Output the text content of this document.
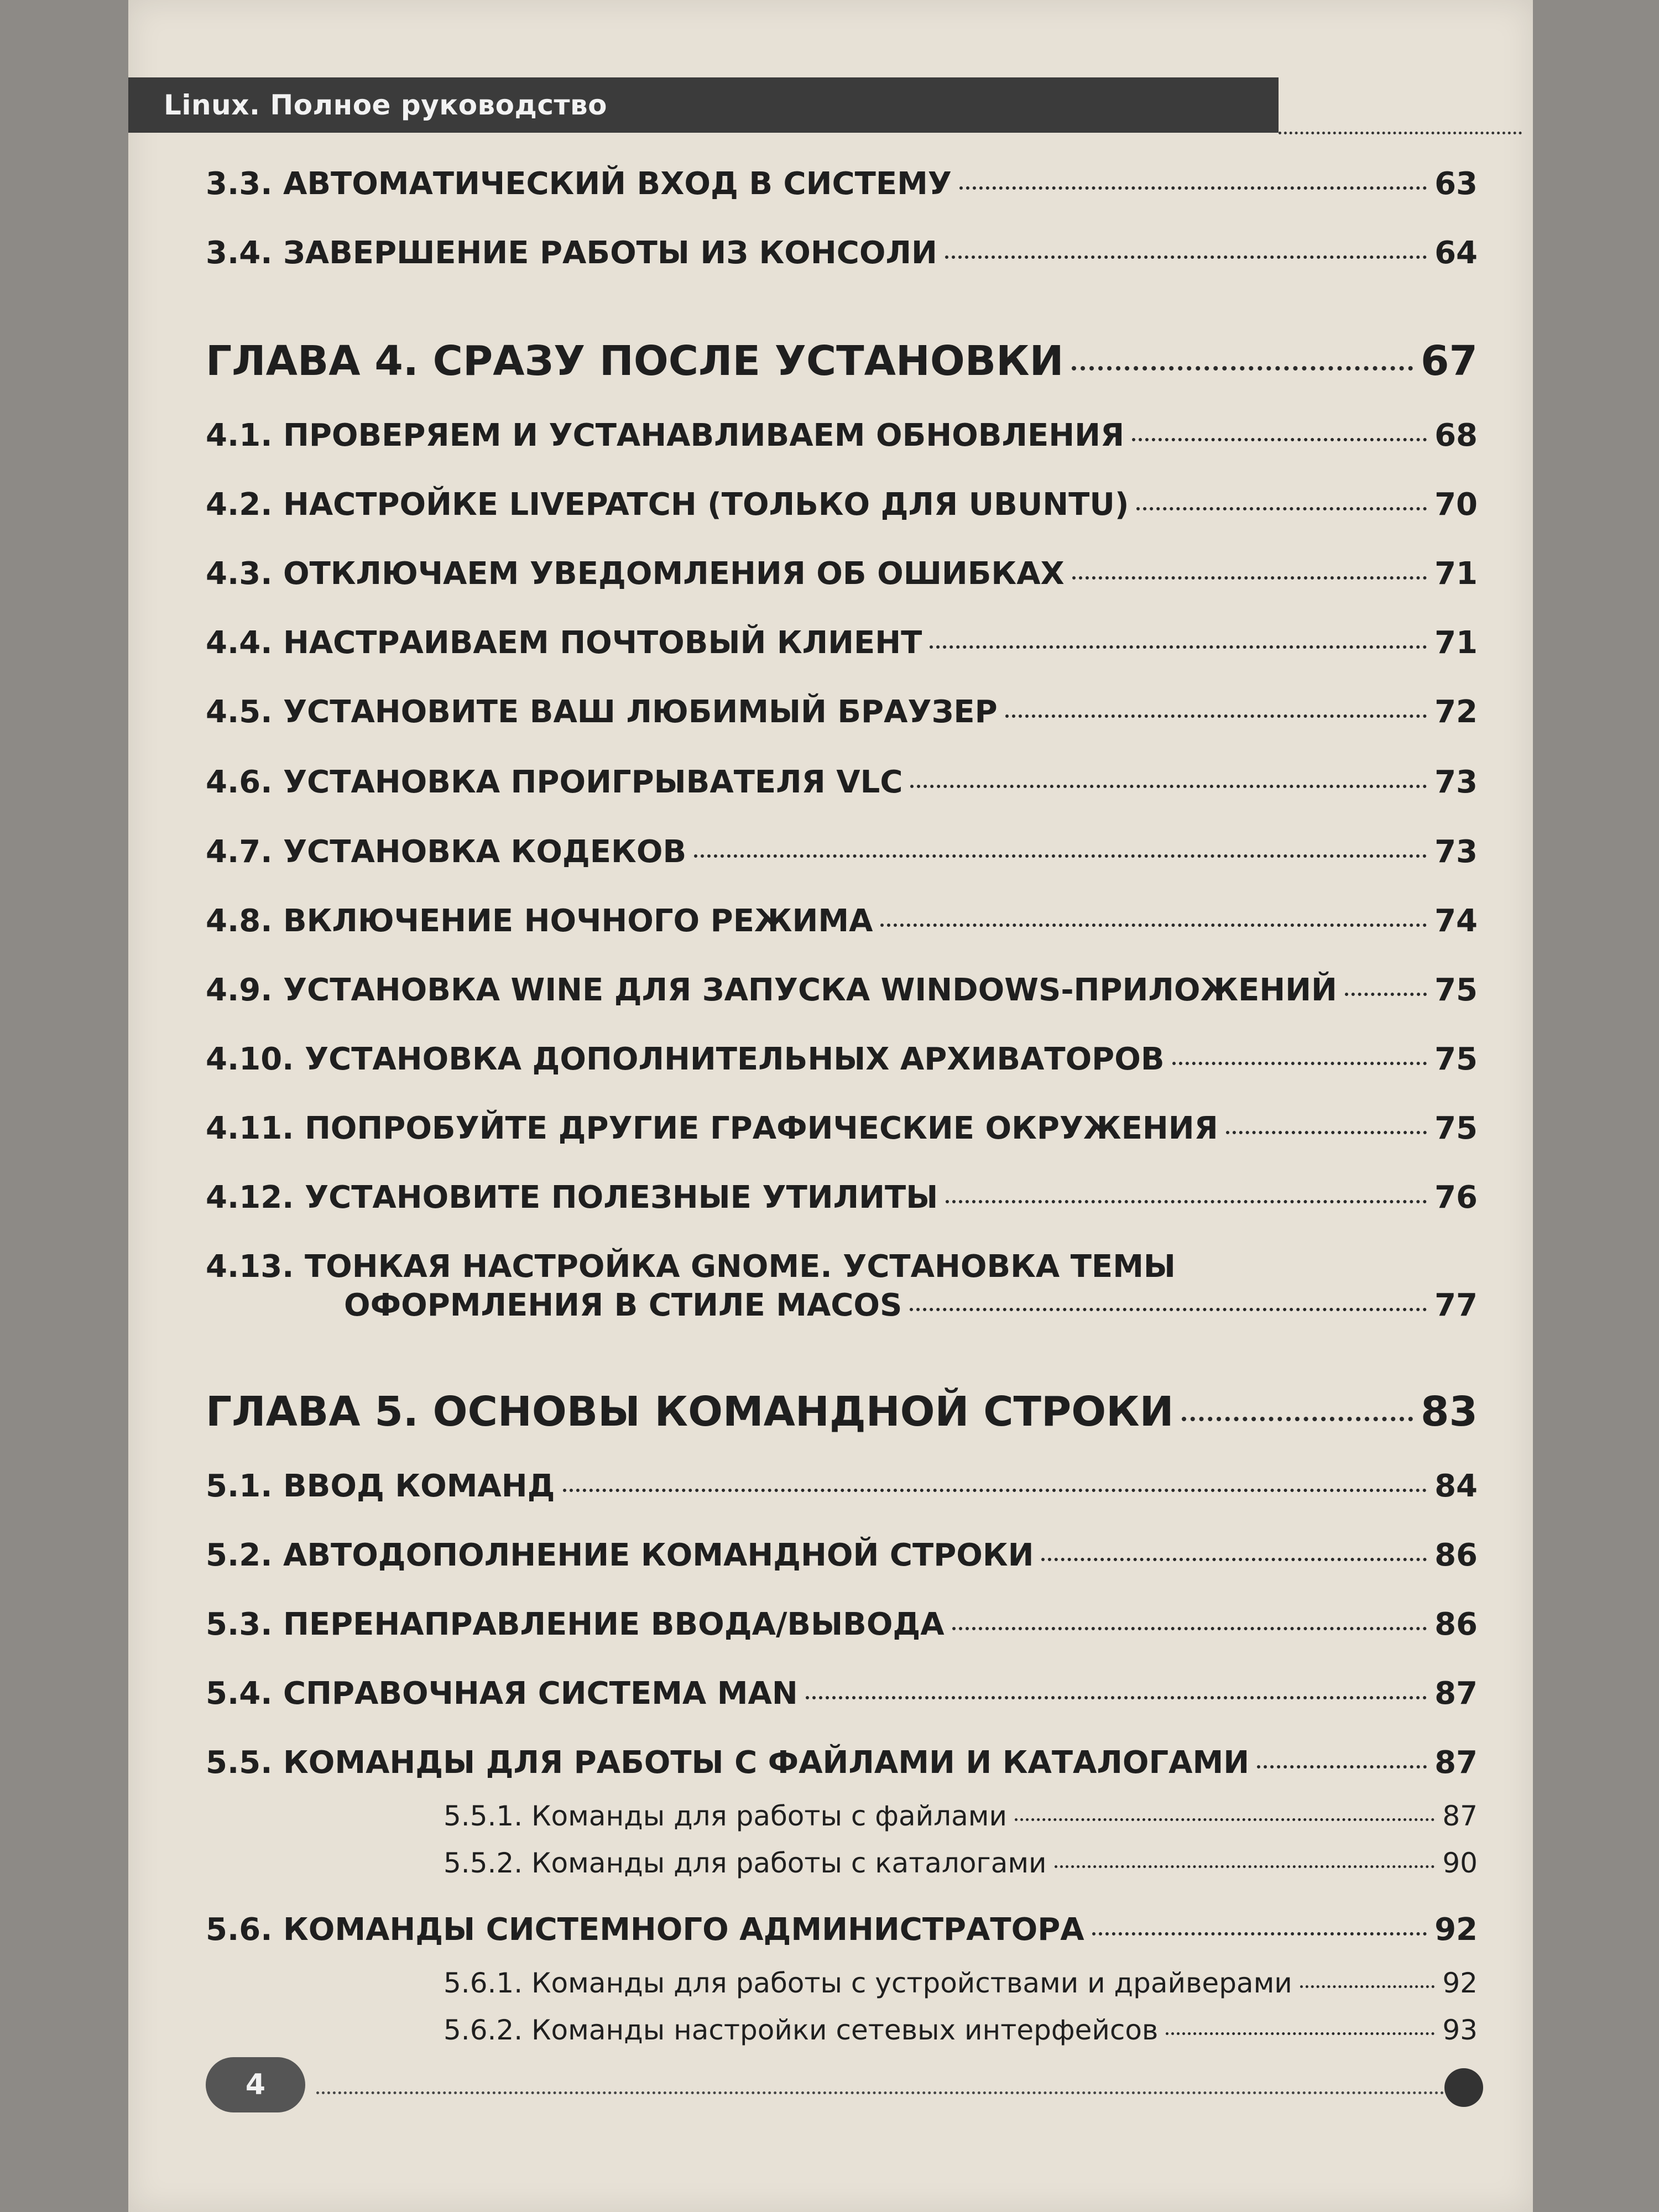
Linux. Полное руководство
3.3. АВТОМАТИЧЕСКИЙ ВХОД В СИСТЕМУ	63
3.4. ЗАВЕРШЕНИЕ РАБОТЫ ИЗ КОНСОЛИ	64
ГЛАВА 4. СРАЗУ ПОСЛЕ УСТАНОВКИ	67
4.1. ПРОВЕРЯЕМ И УСТАНАВЛИВАЕМ ОБНОВЛЕНИЯ	68
4.2. НАСТРОЙКЕ LIVEPATCH (ТОЛЬКО ДЛЯ UBUNTU)	70
4.3. ОТКЛЮЧАЕМ УВЕДОМЛЕНИЯ ОБ ОШИБКАХ	71
4.4. НАСТРАИВАЕМ ПОЧТОВЫЙ КЛИЕНТ	71
4.5. УСТАНОВИТЕ ВАШ ЛЮБИМЫЙ БРАУЗЕР	72
4.6. УСТАНОВКА ПРОИГРЫВАТЕЛЯ VLC	73
4.7. УСТАНОВКА КОДЕКОВ	73
4.8. ВКЛЮЧЕНИЕ НОЧНОГО РЕЖИМА	74
4.9. УСТАНОВКА WINE ДЛЯ ЗАПУСКА WINDOWS-ПРИЛОЖЕНИЙ	75
4.10. УСТАНОВКА ДОПОЛНИТЕЛЬНЫХ АРХИВАТОРОВ	75
4.11. ПОПРОБУЙТЕ ДРУГИЕ ГРАФИЧЕСКИЕ ОКРУЖЕНИЯ	75
4.12. УСТАНОВИТЕ ПОЛЕЗНЫЕ УТИЛИТЫ	76
4.13. ТОНКАЯ НАСТРОЙКА GNOME. УСТАНОВКА ТЕМЫ
ОФОРМЛЕНИЯ В СТИЛЕ MACOS	77
ГЛАВА 5. ОСНОВЫ КОМАНДНОЙ СТРОКИ	83
5.1. ВВОД КОМАНД	84
5.2. АВТОДОПОЛНЕНИЕ КОМАНДНОЙ СТРОКИ	86
5.3. ПЕРЕНАПРАВЛЕНИЕ ВВОДА/ВЫВОДА	86
5.4. СПРАВОЧНАЯ СИСТЕМА MAN	87
5.5. КОМАНДЫ ДЛЯ РАБОТЫ С ФАЙЛАМИ И КАТАЛОГАМИ	87
5.5.1. Команды для работы с файлами	87
5.5.2. Команды для работы с каталогами	90
5.6. КОМАНДЫ СИСТЕМНОГО АДМИНИСТРАТОРА	92
5.6.1. Команды для работы с устройствами и драйверами	92
5.6.2. Команды настройки сетевых интерфейсов	93
4
